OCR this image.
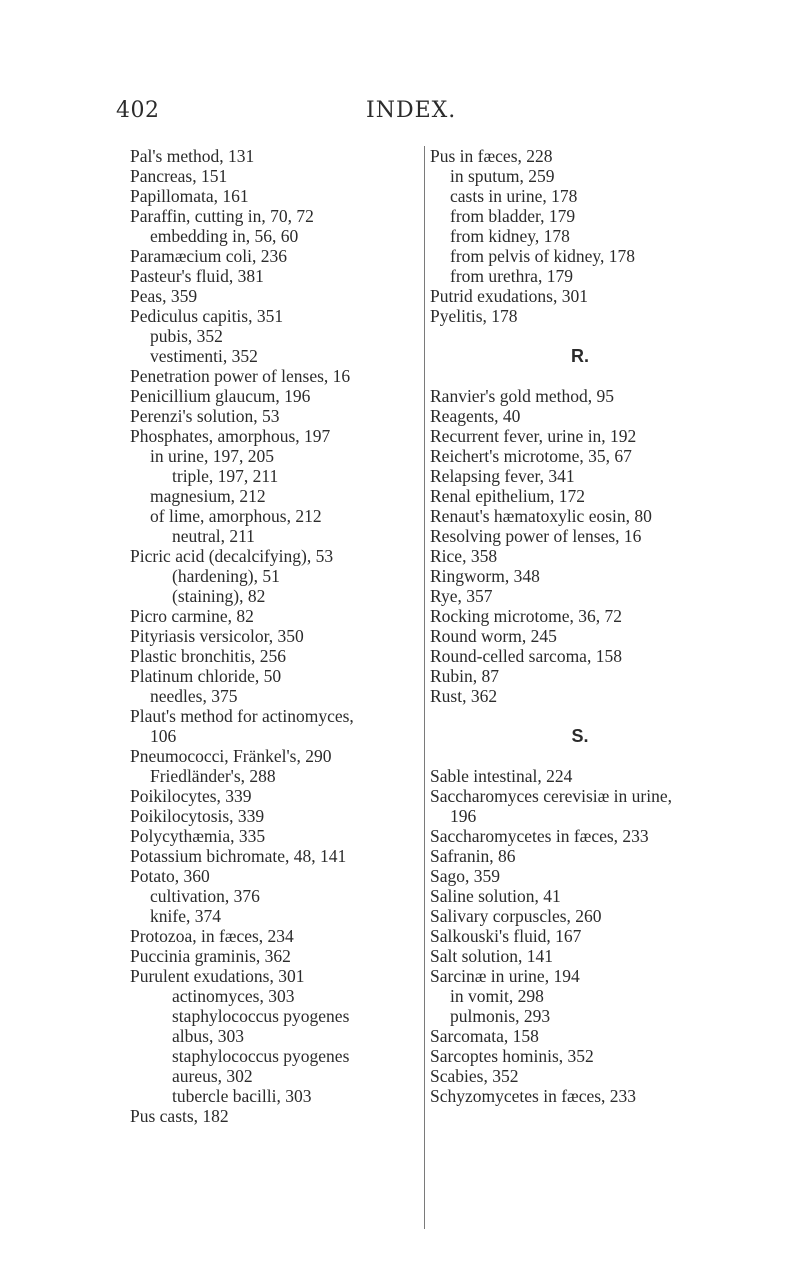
402	INDEX.
Pal's method, 131
Pancreas, 151
Papillomata, 161
Paraffin, cutting in, 70, 72
embedding in, 56, 60
Paramæcium coli, 236
Pasteur's fluid, 381
Peas, 359
Pediculus capitis, 351
pubis, 352
vestimenti, 352
Penetration power of lenses, 16
Penicillium glaucum, 196
Perenzi's solution, 53
Phosphates, amorphous, 197
in urine, 197, 205
triple, 197, 211
magnesium, 212
of lime, amorphous, 212
neutral, 211
Picric acid (decalcifying), 53
(hardening), 51
(staining), 82
Picro carmine, 82
Pityriasis versicolor, 350
Plastic bronchitis, 256
Platinum chloride, 50
needles, 375
Plaut's method for actinomyces,
106
Pneumococci, Fränkel's, 290
Friedländer's, 288
Poikilocytes, 339
Poikilocytosis, 339
Polycythæmia, 335
Potassium bichromate, 48, 141
Potato, 360
cultivation, 376
knife, 374
Protozoa, in fæces, 234
Puccinia graminis, 362
Purulent exudations, 301
actinomyces, 303
staphylococcus pyogenes
albus, 303
staphylococcus pyogenes
aureus, 302
tubercle bacilli, 303
Pus casts, 182
Pus in fæces, 228
in sputum, 259
casts in urine, 178
from bladder, 179
from kidney, 178
from pelvis of kidney, 178
from urethra, 179
Putrid exudations, 301
Pyelitis, 178
R.
Ranvier's gold method, 95
Reagents, 40
Recurrent fever, urine in, 192
Reichert's microtome, 35, 67
Relapsing fever, 341
Renal epithelium, 172
Renaut's hæmatoxylic eosin, 80
Resolving power of lenses, 16
Rice, 358
Ringworm, 348
Rye, 357
Rocking microtome, 36, 72
Round worm, 245
Round-celled sarcoma, 158
Rubin, 87
Rust, 362
S.
Sable intestinal, 224
Saccharomyces cerevisiæ in urine,
196
Saccharomycetes in fæces, 233
Safranin, 86
Sago, 359
Saline solution, 41
Salivary corpuscles, 260
Salkouski's fluid, 167
Salt solution, 141
Sarcinæ in urine, 194
in vomit, 298
pulmonis, 293
Sarcomata, 158
Sarcoptes hominis, 352
Scabies, 352
Schyzomycetes in fæces, 233
